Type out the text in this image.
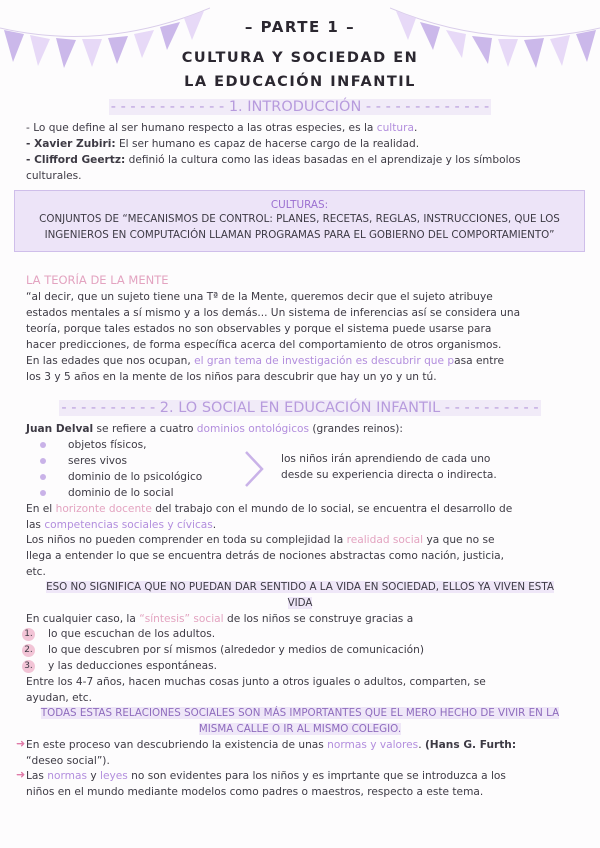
– PARTE 1 –
CULTURA Y SOCIEDAD EN
LA EDUCACIÓN INFANTIL
- - - - - - - - - - - - 1. INTRODUCCIÓN - - - - - - - - - - - - -
- Lo que define al ser humano respecto a las otras especies, es la cultura.
- Xavier Zubiri: El ser humano es capaz de hacerse cargo de la realidad.
- Clifford Geertz: definió la cultura como las ideas basadas en el aprendizaje y los símbolos
culturales.
CULTURAS:
CONJUNTOS DE “MECANISMOS DE CONTROL: PLANES, RECETAS, REGLAS, INSTRUCCIONES, QUE LOS
INGENIEROS EN COMPUTACIÓN LLAMAN PROGRAMAS PARA EL GOBIERNO DEL COMPORTAMIENTO”
LA TEORÍA DE LA MENTE
“al decir, que un sujeto tiene una Tª de la Mente, queremos decir que el sujeto atribuye
estados mentales a sí mismo y a los demás... Un sistema de inferencias así se considera una
teoría, porque tales estados no son observables y porque el sistema puede usarse para
hacer predicciones, de forma específica acerca del comportamiento de otros organismos.
En las edades que nos ocupan, el gran tema de investigación es descubrir que pasa entre
los 3 y 5 años en la mente de los niños para descubrir que hay un yo y un tú.
- - - - - - - - - - 2. LO SOCIAL EN EDUCACIÓN INFANTIL - - - - - - - - - -
Juan Delval se refiere a cuatro dominios ontológicos (grandes reinos):
objetos físicos,
seres vivos
dominio de lo psicológico
dominio de lo social
los niños irán aprendiendo de cada uno
desde su experiencia directa o indirecta.
En el horizonte docente del trabajo con el mundo de lo social, se encuentra el desarrollo de
las competencias sociales y cívicas.
Los niños no pueden comprender en toda su complejidad la realidad social ya que no se
llega a entender lo que se encuentra detrás de nociones abstractas como nación, justicia,
etc.
ESO NO SIGNIFICA QUE NO PUEDAN DAR SENTIDO A LA VIDA EN SOCIEDAD, ELLOS YA VIVEN ESTA
VIDA
En cualquier caso, la “síntesis” social de los niños se construye gracias a
1. lo que escuchan de los adultos.
2. lo que descubren por sí mismos (alrededor y medios de comunicación)
3. y las deducciones espontáneas.
Entre los 4-7 años, hacen muchas cosas junto a otros iguales o adultos, comparten, se
ayudan, etc.
TODAS ESTAS RELACIONES SOCIALES SON MÁS IMPORTANTES QUE EL MERO HECHO DE VIVIR EN LA
MISMA CALLE O IR AL MISMO COLEGIO.
➜ En este proceso van descubriendo la existencia de unas normas y valores. (Hans G. Furth:
“deseo social”).
➜ Las normas y leyes no son evidentes para los niños y es imprtante que se introduzca a los
niños en el mundo mediante modelos como padres o maestros, respecto a este tema.
